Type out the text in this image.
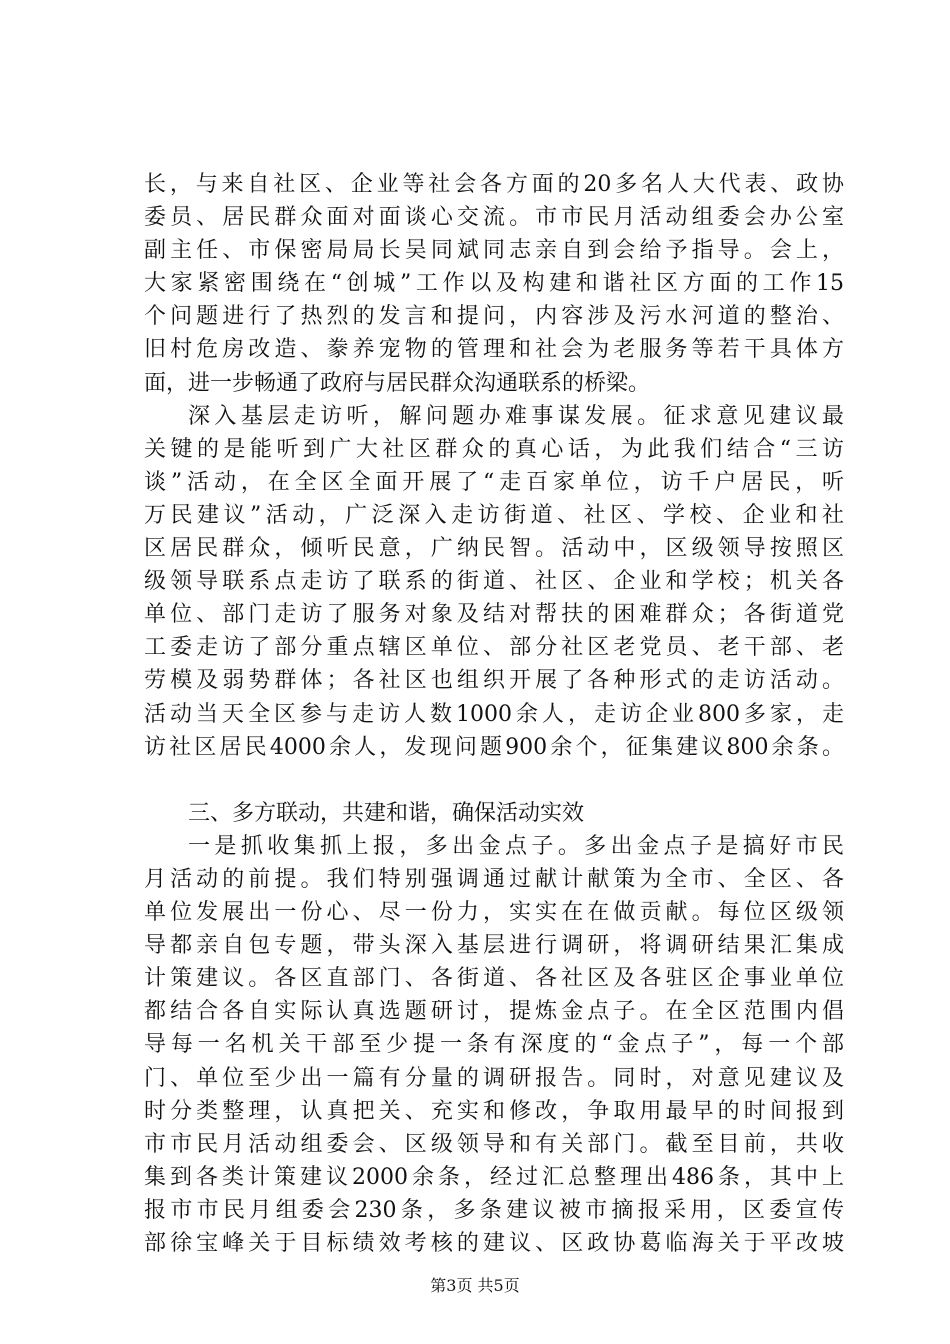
长，与来自社区、企业等社会各方面的20多名人大代表、政协
委员、居民群众面对面谈心交流。市市民月活动组委会办公室
副主任、市保密局局长吴同斌同志亲自到会给予指导。会上，
大家紧密围绕在“创城”工作以及构建和谐社区方面的工作15
个问题进行了热烈的发言和提问，内容涉及污水河道的整治、
旧村危房改造、豢养宠物的管理和社会为老服务等若干具体方
面，进一步畅通了政府与居民群众沟通联系的桥梁。
深入基层走访听，解问题办难事谋发展。征求意见建议最
关键的是能听到广大社区群众的真心话，为此我们结合“三访
谈”活动，在全区全面开展了“走百家单位，访千户居民，听
万民建议”活动，广泛深入走访街道、社区、学校、企业和社
区居民群众，倾听民意，广纳民智。活动中，区级领导按照区
级领导联系点走访了联系的街道、社区、企业和学校；机关各
单位、部门走访了服务对象及结对帮扶的困难群众；各街道党
工委走访了部分重点辖区单位、部分社区老党员、老干部、老
劳模及弱势群体；各社区也组织开展了各种形式的走访活动。
活动当天全区参与走访人数1000余人，走访企业800多家，走
访社区居民4000余人，发现问题900余个，征集建议800余条。
三、多方联动，共建和谐，确保活动实效
一是抓收集抓上报，多出金点子。多出金点子是搞好市民
月活动的前提。我们特别强调通过献计献策为全市、全区、各
单位发展出一份心、尽一份力，实实在在做贡献。每位区级领
导都亲自包专题，带头深入基层进行调研，将调研结果汇集成
计策建议。各区直部门、各街道、各社区及各驻区企事业单位
都结合各自实际认真选题研讨，提炼金点子。在全区范围内倡
导每一名机关干部至少提一条有深度的“金点子”，每一个部
门、单位至少出一篇有分量的调研报告。同时，对意见建议及
时分类整理，认真把关、充实和修改，争取用最早的时间报到
市市民月活动组委会、区级领导和有关部门。截至目前，共收
集到各类计策建议2000余条，经过汇总整理出486条，其中上
报市市民月组委会230条，多条建议被市摘报采用，区委宣传
部徐宝峰关于目标绩效考核的建议、区政协葛临海关于平改坡
第3页 共5页
